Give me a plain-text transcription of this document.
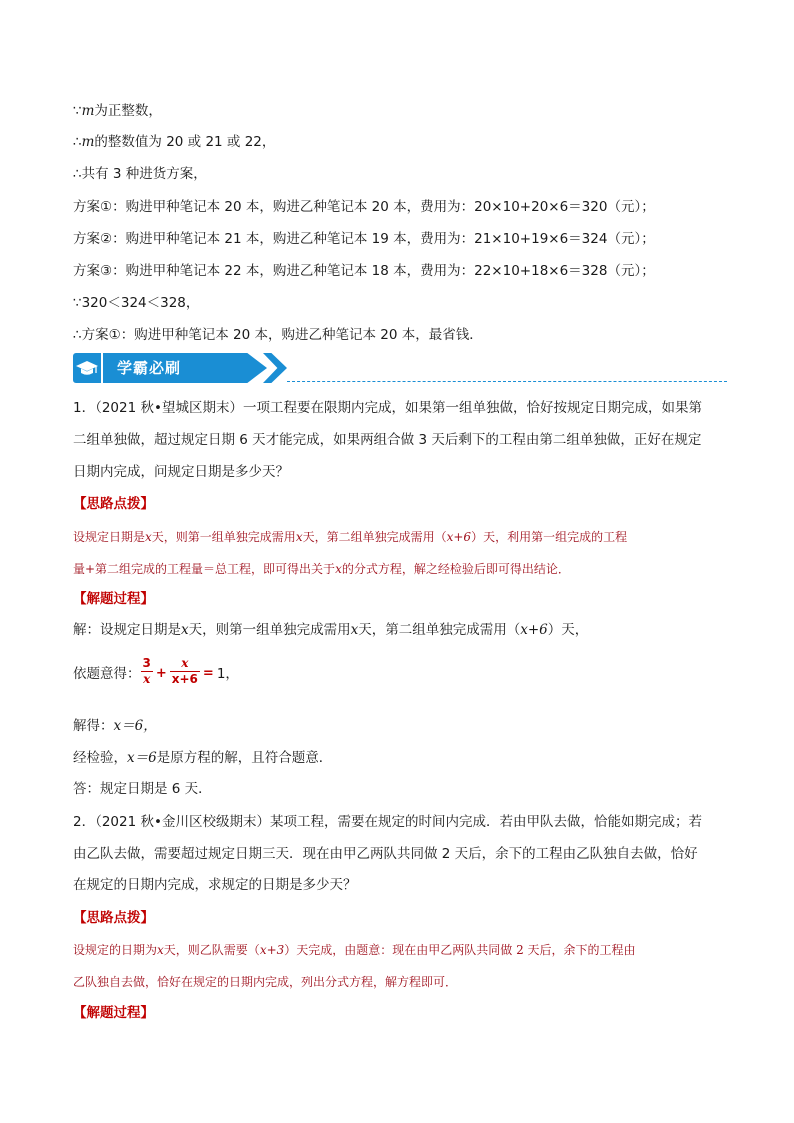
∵m为正整数，
∴m的整数值为 20 或 21 或 22，
∴共有 3 种进货方案，
方案①：购进甲种笔记本 20 本，购进乙种笔记本 20 本，费用为：20×10+20×6＝320（元）；
方案②：购进甲种笔记本 21 本，购进乙种笔记本 19 本，费用为：21×10+19×6＝324（元）；
方案③：购进甲种笔记本 22 本，购进乙种笔记本 18 本，费用为：22×10+18×6＝328（元）；
∵320＜324＜328，
∴方案①：购进甲种笔记本 20 本，购进乙种笔记本 20 本，最省钱．
学霸必刷
1．（2021 秋•望城区期末）一项工程要在限期内完成，如果第一组单独做，恰好按规定日期完成，如果第
二组单独做，超过规定日期 6 天才能完成，如果两组合做 3 天后剩下的工程由第二组单独做，正好在规定
日期内完成，问规定日期是多少天？
【思路点拨】
设规定日期是x天，则第一组单独完成需用x天，第二组单独完成需用（x+6）天，利用第一组完成的工程
量+第二组完成的工程量＝总工程，即可得出关于x的分式方程，解之经检验后即可得出结论．
【解题过程】
解：设规定日期是x天，则第一组单独完成需用x天，第二组单独完成需用（x+6）天，
依题意得： $\frac{3}{x} + \frac{x}{x+6} = 1$，
解得：x＝6，
经检验，x＝6是原方程的解，且符合题意．
答：规定日期是 6 天．
2．（2021 秋•金川区校级期末）某项工程，需要在规定的时间内完成．若由甲队去做，恰能如期完成；若
由乙队去做，需要超过规定日期三天．现在由甲乙两队共同做 2 天后，余下的工程由乙队独自去做，恰好
在规定的日期内完成，求规定的日期是多少天？
【思路点拨】
设规定的日期为x天，则乙队需要（x+3）天完成，由题意：现在由甲乙两队共同做 2 天后，余下的工程由
乙队独自去做，恰好在规定的日期内完成，列出分式方程，解方程即可．
【解题过程】
